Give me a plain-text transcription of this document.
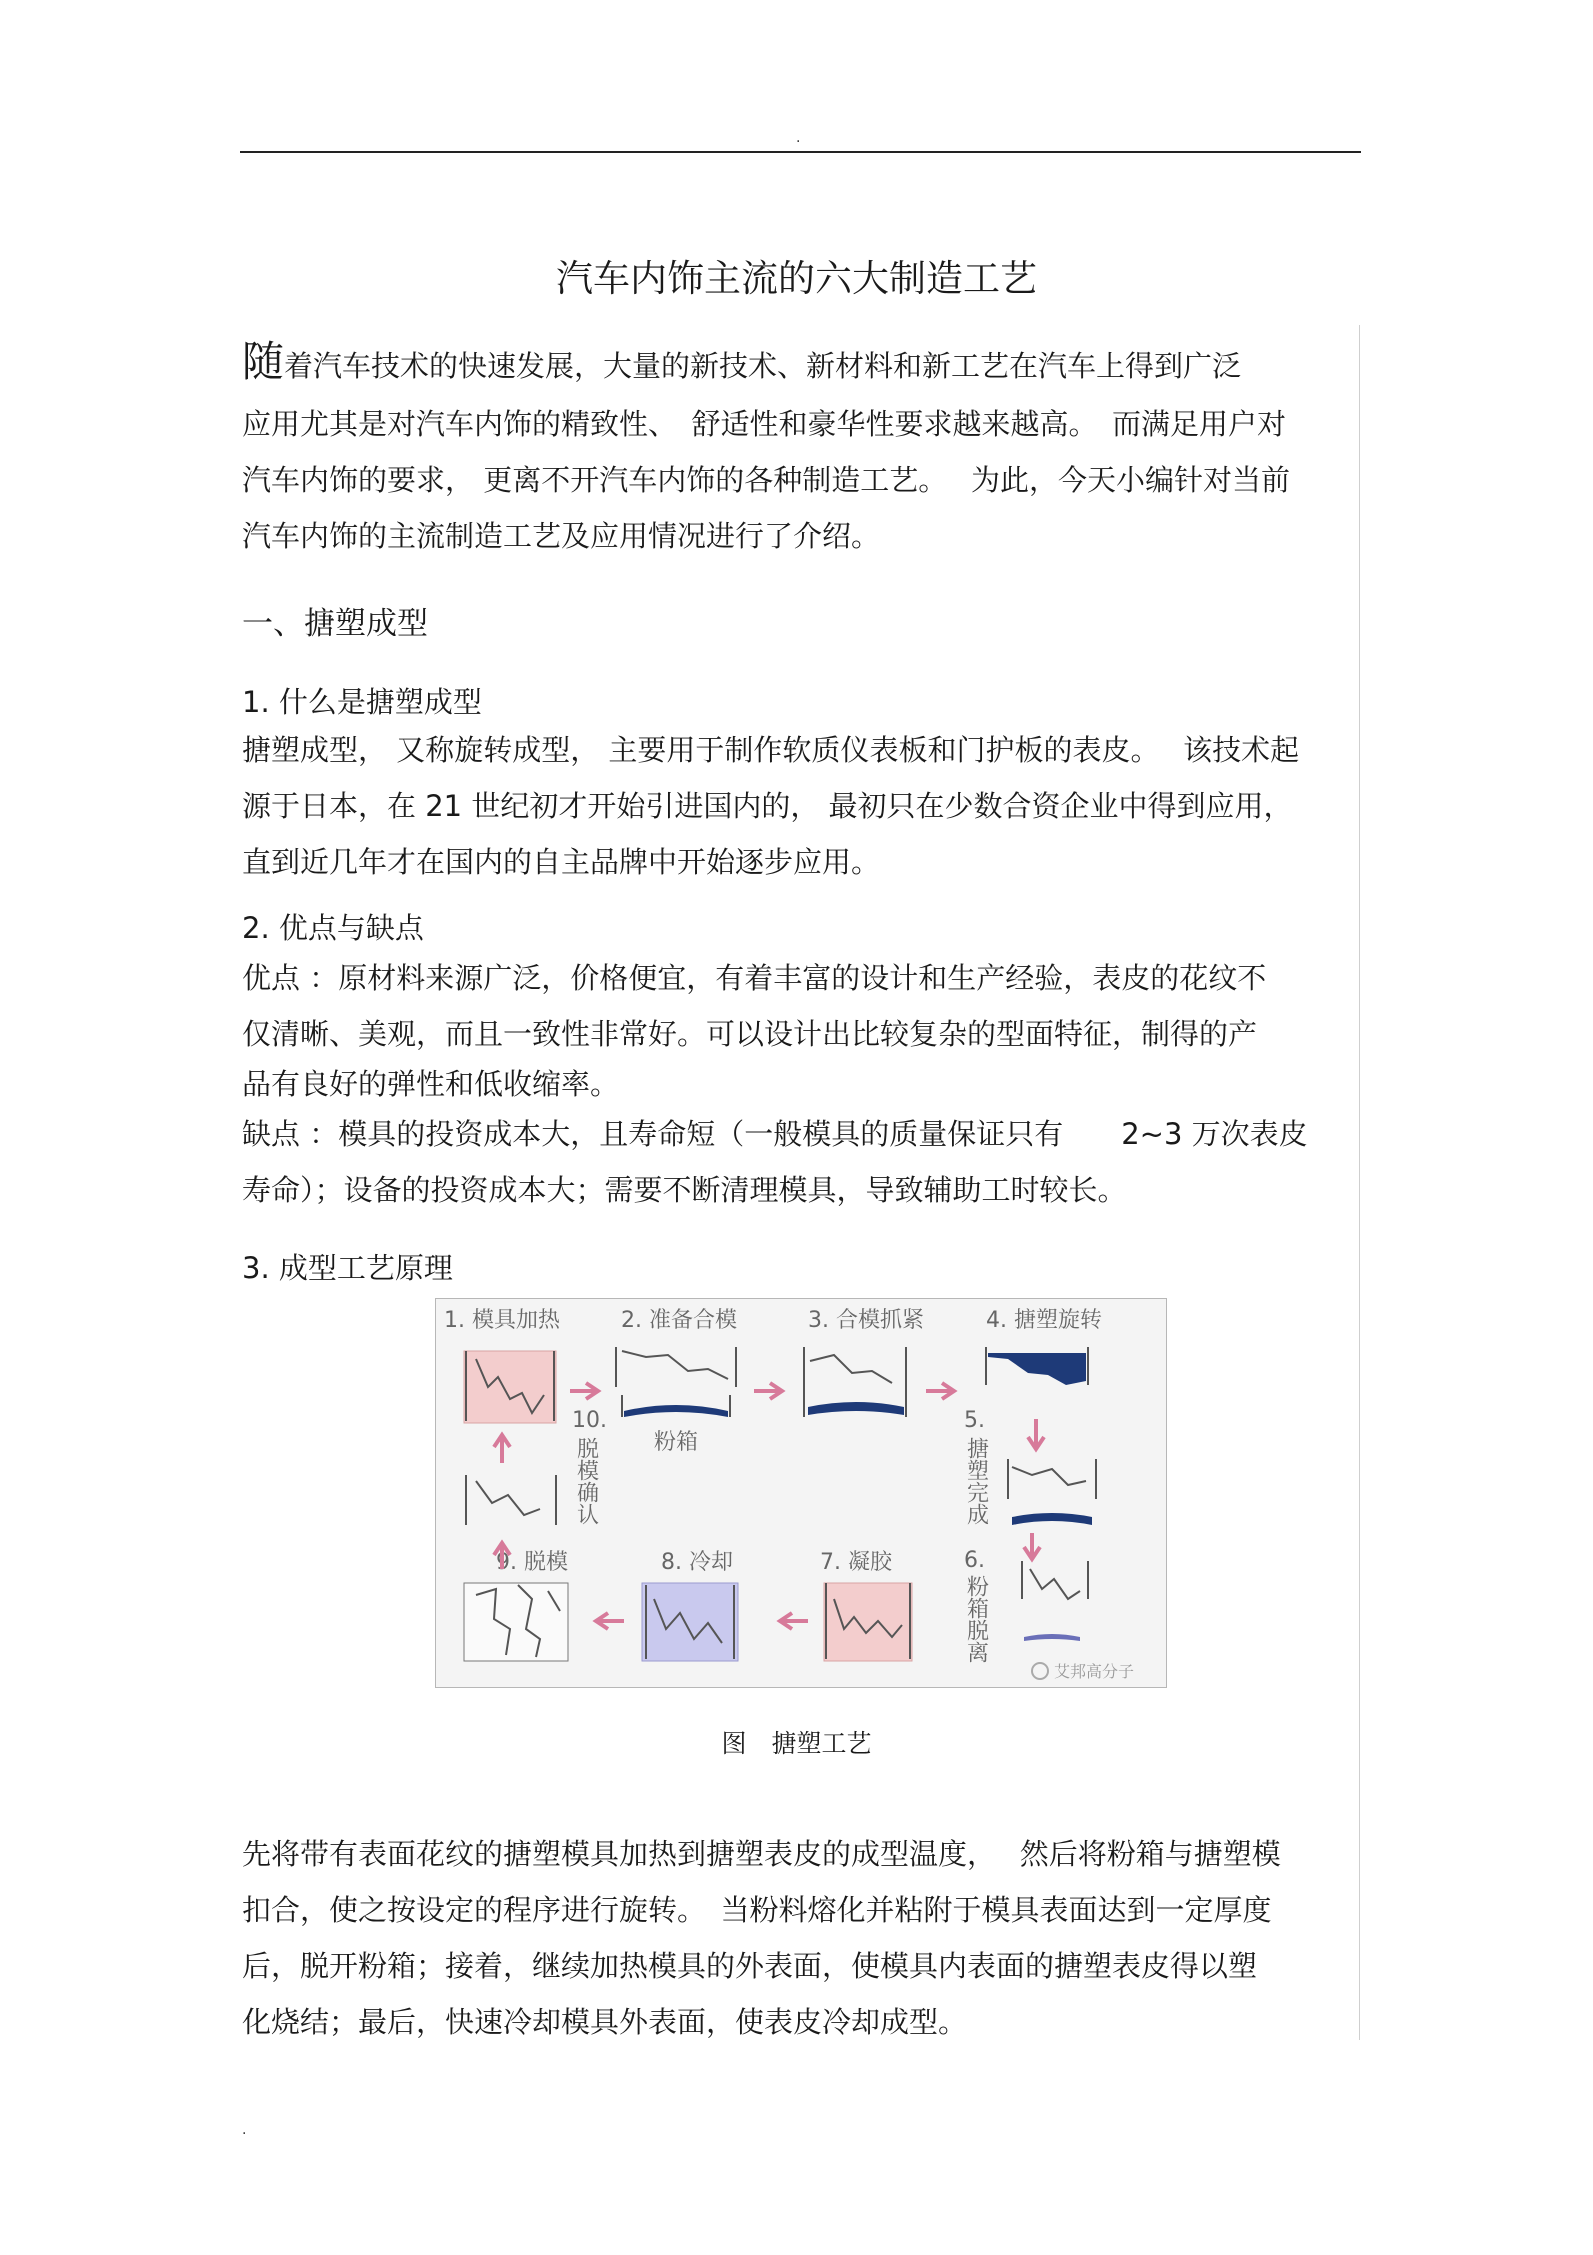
.
汽车内饰主流的六大制造工艺
随着汽车技术的快速发展，大量的新技术、新材料和新工艺在汽车上得到广泛
应用尤其是对汽车内饰的精致性、　舒适性和豪华性要求越来越高。　而满足用户对
汽车内饰的要求， 更离不开汽车内饰的各种制造工艺。　 为此，今天小编针对当前
汽车内饰的主流制造工艺及应用情况进行了介绍。
一、搪塑成型
1. 什么是搪塑成型
搪塑成型， 又称旋转成型， 主要用于制作软质仪表板和门护板的表皮。　 该技术起
源于日本，在 21 世纪初才开始引进国内的， 最初只在少数合资企业中得到应用，
直到近几年才在国内的自主品牌中开始逐步应用。
2. 优点与缺点
优点 ：原材料来源广泛，价格便宜，有着丰富的设计和生产经验，表皮的花纹不
仅清晰、美观，而且一致性非常好。可以设计出比较复杂的型面特征，制得的产
品有良好的弹性和低收缩率。
缺点 ：模具的投资成本大，且寿命短（一般模具的质量保证只有　　2~3 万次表皮
寿命）；设备的投资成本大；需要不断清理模具，导致辅助工时较长。
3. 成型工艺原理
1. 模具加热	2. 准备合模	3. 合模抓紧	4. 搪塑旋转
7. 凝胶
8. 冷却
9. 脱模
粉箱
10.
脱模确认
5.
搪塑完成
6.
粉箱脱离
艾邦高分子
图　搪塑工艺
先将带有表面花纹的搪塑模具加热到搪塑表皮的成型温度，　 然后将粉箱与搪塑模
扣合，使之按设定的程序进行旋转。　当粉料熔化并粘附于模具表面达到一定厚度
后，脱开粉箱；接着，继续加热模具的外表面，使模具内表面的搪塑表皮得以塑
化烧结；最后，快速冷却模具外表面，使表皮冷却成型。
.
